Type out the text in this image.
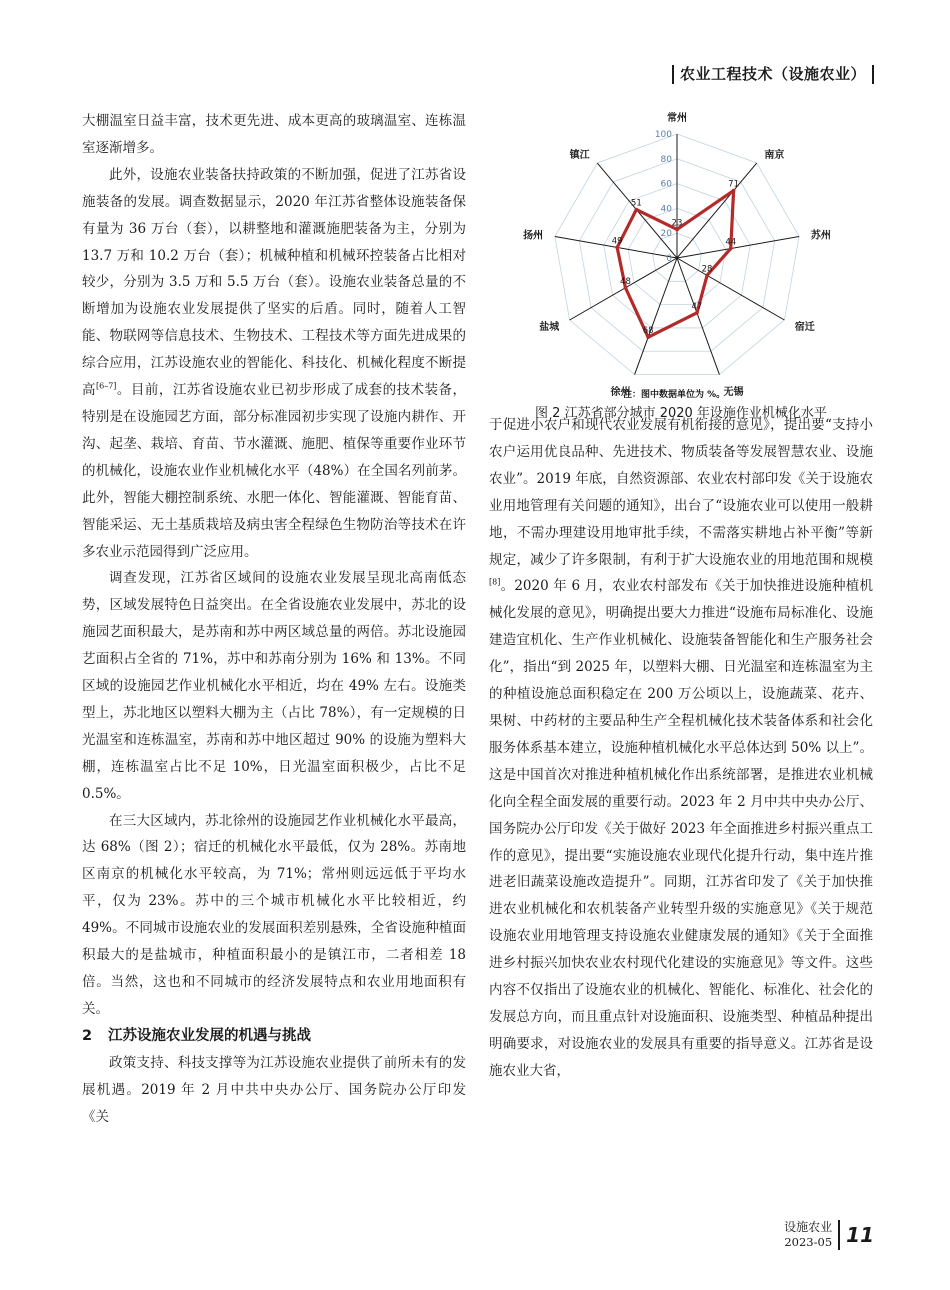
农业工程技术（设施农业）

大棚温室日益丰富，技术更先进、成本更高的玻璃温室、连栋温室逐渐增多。

此外，设施农业装备扶持政策的不断加强，促进了江苏省设施装备的发展。调查数据显示，2020 年江苏省整体设施装备保有量为 36 万台（套），以耕整地和灌溉施肥装备为主，分别为 13.7 万和 10.2 万台（套）；机械种植和机械环控装备占比相对较少，分别为 3.5 万和 5.5 万台（套）。设施农业装备总量的不断增加为设施农业发展提供了坚实的后盾。同时，随着人工智能、物联网等信息技术、生物技术、工程技术等方面先进成果的综合应用，江苏设施农业的智能化、科技化、机械化程度不断提高[6–7]。目前，江苏省设施农业已初步形成了成套的技术装备，特别是在设施园艺方面，部分标准园初步实现了设施内耕作、开沟、起垄、栽培、育苗、节水灌溉、施肥、植保等重要作业环节的机械化，设施农业作业机械化水平（48%）在全国名列前茅。此外，智能大棚控制系统、水肥一体化、智能灌溉、智能育苗、智能采运、无土基质栽培及病虫害全程绿色生物防治等技术在许多农业示范园得到广泛应用。

调查发现，江苏省区域间的设施农业发展呈现北高南低态势，区域发展特色日益突出。在全省设施农业发展中，苏北的设施园艺面积最大，是苏南和苏中两区域总量的两倍。苏北设施园艺面积占全省的 71%，苏中和苏南分别为 16% 和 13%。不同区域的设施园艺作业机械化水平相近，均在 49% 左右。设施类型上，苏北地区以塑料大棚为主（占比 78%），有一定规模的日光温室和连栋温室，苏南和苏中地区超过 90% 的设施为塑料大棚，连栋温室占比不足 10%，日光温室面积极少，占比不足 0.5%。

在三大区域内，苏北徐州的设施园艺作业机械化水平最高，达 68%（图 2）；宿迁的机械化水平最低，仅为 28%。苏南地区南京的机械化水平较高，为 71%；常州则远远低于平均水平，仅为 23%。苏中的三个城市机械化水平比较相近，约 49%。不同城市设施农业的发展面积差别悬殊，全省设施种植面积最大的是盐城市，种植面积最小的是镇江市，二者相差 18 倍。当然，这也和不同城市的经济发展特点和农业用地面积有关。

2 江苏设施农业发展的机遇与挑战

政策支持、科技支撑等为江苏设施农业提供了前所未有的发展机遇。2019 年 2 月中共中央办公厅、国务院办公厅印发 《关

0
20
40
60
80
100
23
71
44
28
47
68
48
49
51
常州
南京
苏州
宿迁
无锡
徐州
盐城
扬州
镇江
注：图中数据单位为 %。
图 2 江苏省部分城市 2020 年设施作业机械化水平

于促进小农户和现代农业发展有机衔接的意见》，提出要“支持小农户运用优良品种、先进技术、物质装备等发展智慧农业、设施农业”。2019 年底，自然资源部、农业农村部印发《关于设施农业用地管理有关问题的通知》，出台了“设施农业可以使用一般耕地，不需办理建设用地审批手续，不需落实耕地占补平衡”等新规定，减少了许多限制，有利于扩大设施农业的用地范围和规模[8]。2020 年 6 月，农业农村部发布《关于加快推进设施种植机械化发展的意见》，明确提出要大力推进“设施布局标准化、设施建造宜机化、生产作业机械化、设施装备智能化和生产服务社会化”，指出“到 2025 年，以塑料大棚、日光温室和连栋温室为主的种植设施总面积稳定在 200 万公顷以上，设施蔬菜、花卉、果树、中药材的主要品种生产全程机械化技术装备体系和社会化服务体系基本建立，设施种植机械化水平总体达到 50% 以上”。这是中国首次对推进种植机械化作出系统部署，是推进农业机械化向全程全面发展的重要行动。2023 年 2 月中共中央办公厅、国务院办公厅印发《关于做好 2023 年全面推进乡村振兴重点工作的意见》，提出要“实施设施农业现代化提升行动，集中连片推进老旧蔬菜设施改造提升”。同期，江苏省印发了《关于加快推进农业机械化和农机装备产业转型升级的实施意见》《关于规范设施农业用地管理支持设施农业健康发展的通知》《关于全面推进乡村振兴加快农业农村现代化建设的实施意见》等文件。这些内容不仅指出了设施农业的机械化、智能化、标准化、社会化的发展总方向，而且重点针对设施面积、设施类型、种植品种提出明确要求，对设施农业的发展具有重要的指导意义。江苏省是设施农业大省，

设施农业
2023-05 11
